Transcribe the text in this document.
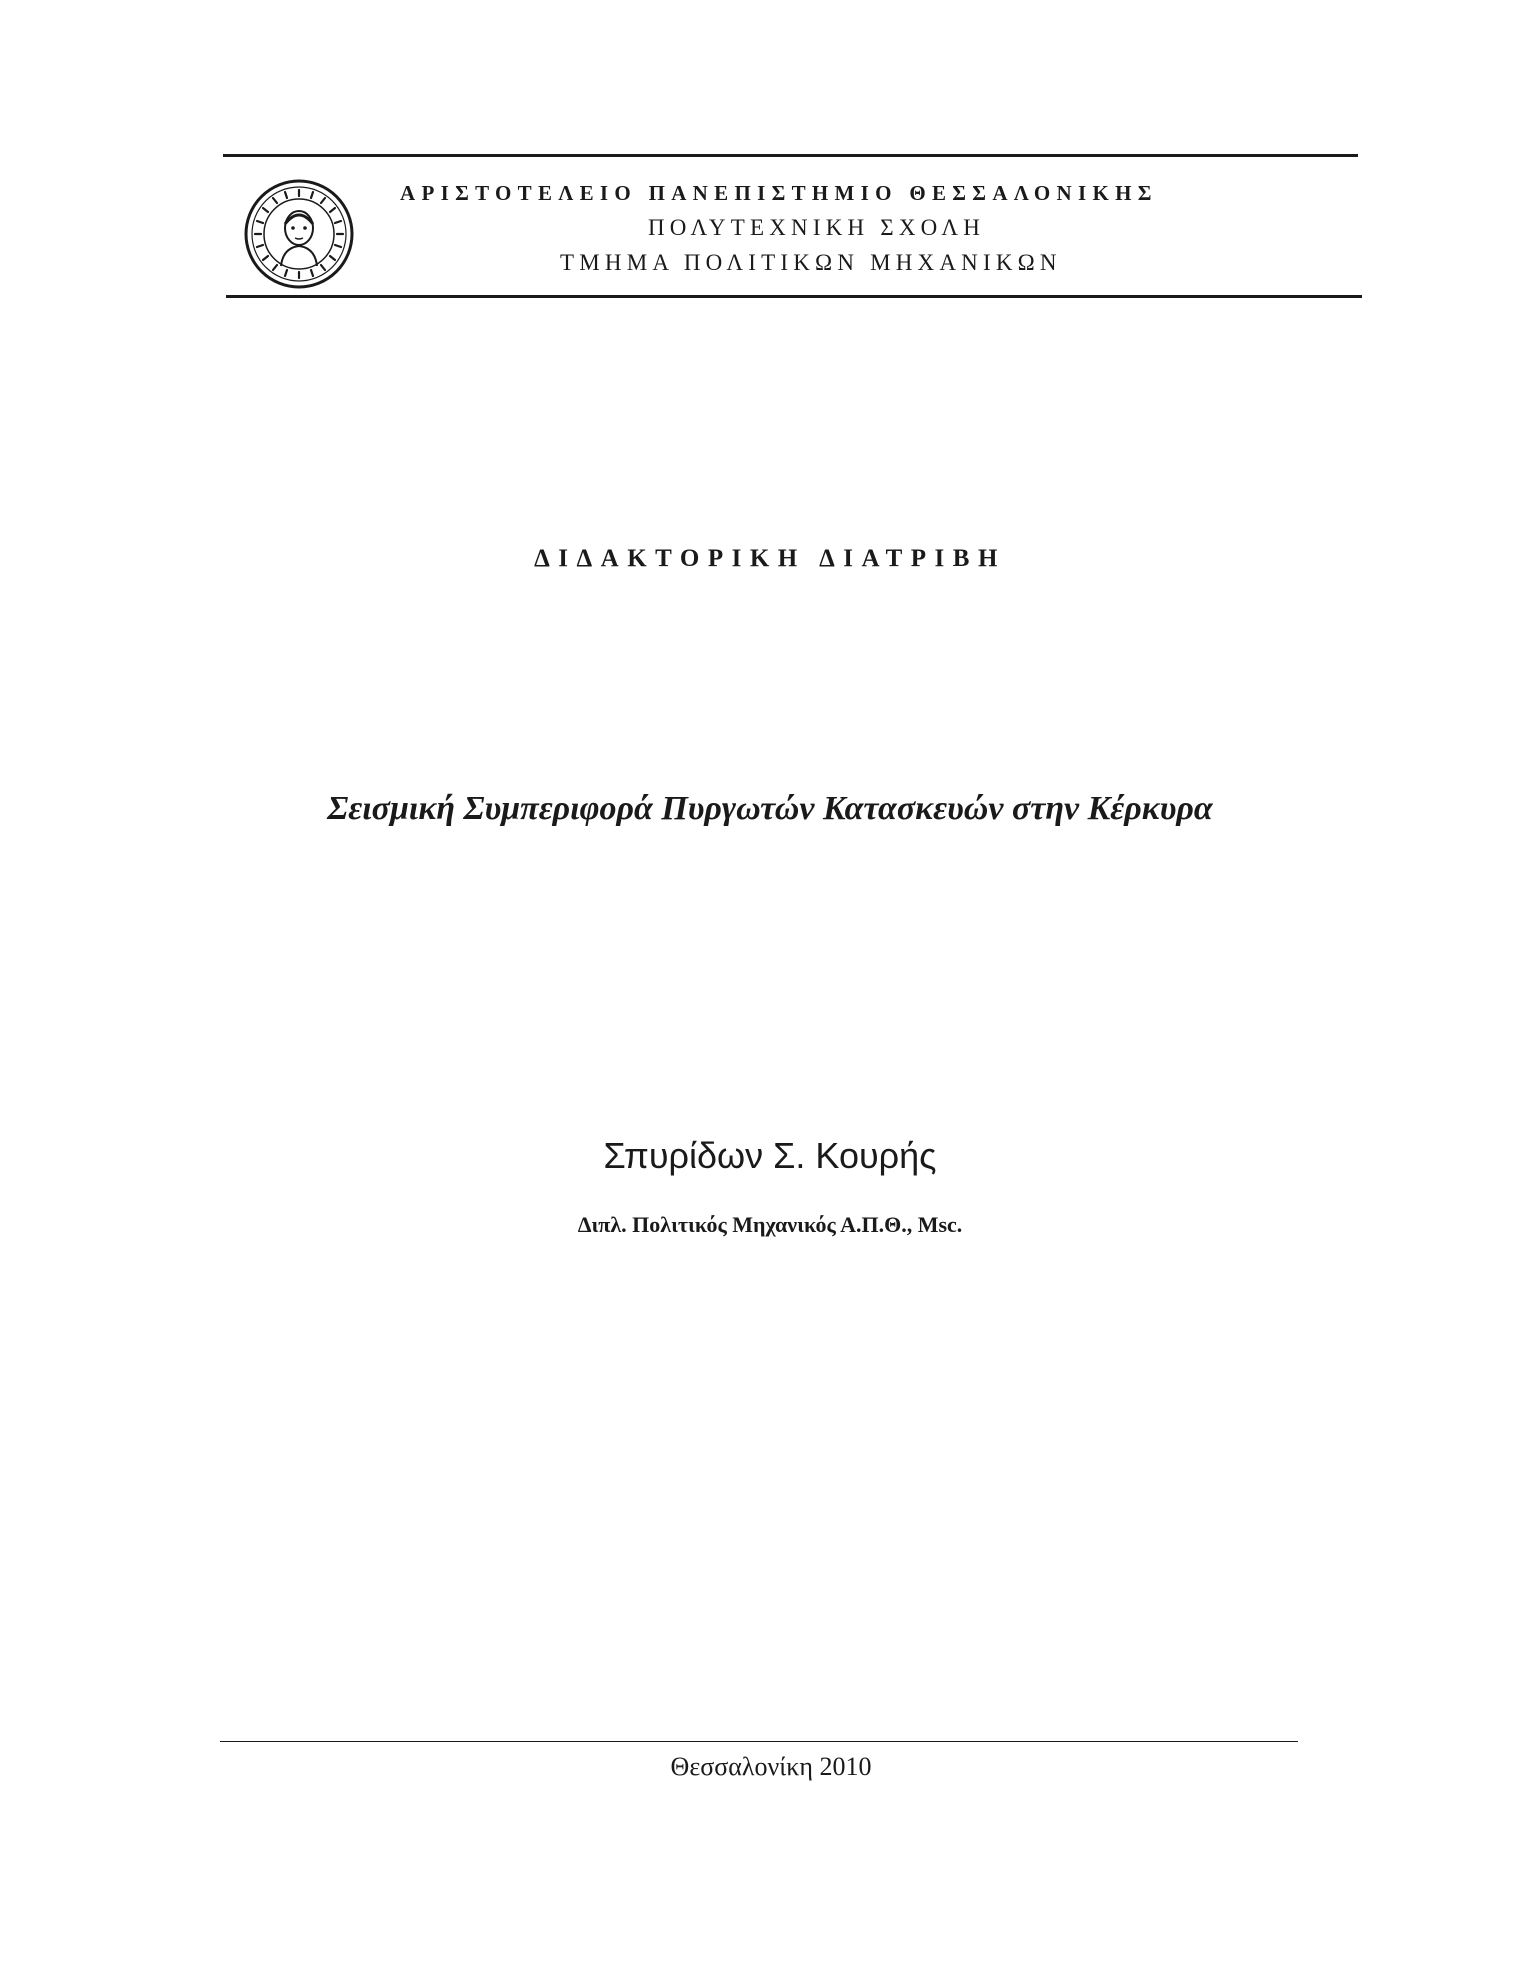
ΑΡΙΣΤΟΤΕΛΕΙΟ ΠΑΝΕΠΙΣΤΗΜΙΟ ΘΕΣΣΑΛΟΝΙΚΗΣ
ΠΟΛΥΤΕΧΝΙΚΗ ΣΧΟΛΗ
ΤΜΗΜΑ ΠΟΛΙΤΙΚΩΝ ΜΗΧΑΝΙΚΩΝ
ΔΙΔΑΚΤΟΡΙΚΗ ΔΙΑΤΡΙΒΗ
Σεισμική Συμπεριφορά Πυργωτών Κατασκευών στην Κέρκυρα
Σπυρίδων Σ. Κουρής
Διπλ. Πολιτικός Μηχανικός Α.Π.Θ., Msc.
Θεσσαλονίκη 2010
